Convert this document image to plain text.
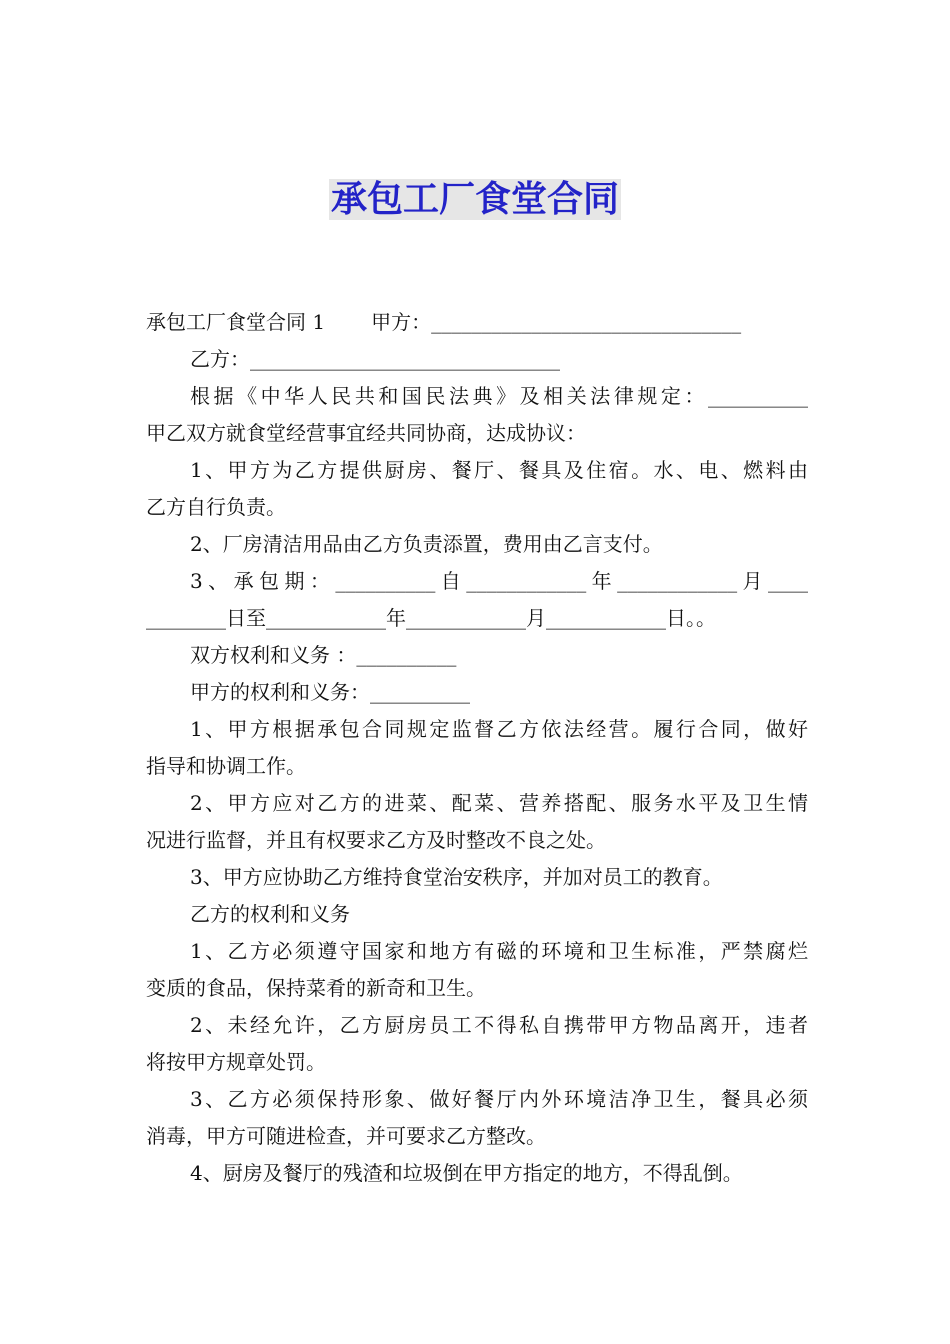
承包工厂食堂合同
承包工厂食堂合同 1 甲方：_______________________________
乙方：_______________________________
根据《中华人民共和国民法典》及相关法律规定：__________
甲乙双方就食堂经营事宜经共同协商，达成协议：
1、甲方为乙方提供厨房、餐厅、餐具及住宿。水、电、燃料由
乙方自行负责。
2、厂房清洁用品由乙方负责添置，费用由乙言支付。
3、承包期：__________自____________年____________月____
________日至____________年____________月____________日。。
双方权利和义务 ：__________
甲方的权利和义务：__________
1、甲方根据承包合同规定监督乙方依法经营。履行合同，做好
指导和协调工作。
2、甲方应对乙方的进菜、配菜、营养搭配、服务水平及卫生情
况进行监督，并且有权要求乙方及时整改不良之处。
3、甲方应协助乙方维持食堂治安秩序，并加对员工的教育。
乙方的权利和义务
1、乙方必须遵守国家和地方有磁的环境和卫生标准，严禁腐烂
变质的食品，保持菜肴的新奇和卫生。
2、未经允许，乙方厨房员工不得私自携带甲方物品离开，违者
将按甲方规章处罚。
3、乙方必须保持形象、做好餐厅内外环境洁净卫生，餐具必须
消毒，甲方可随进检查，并可要求乙方整改。
4、厨房及餐厅的残渣和垃圾倒在甲方指定的地方，不得乱倒。
